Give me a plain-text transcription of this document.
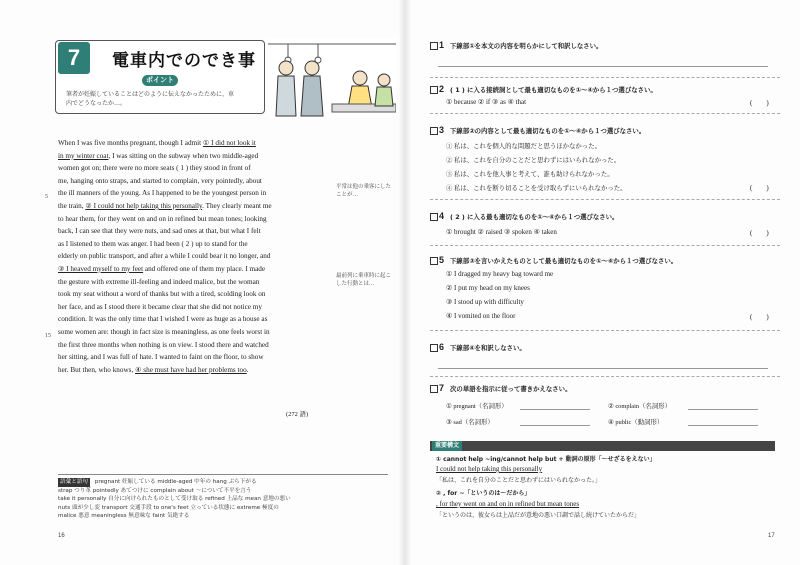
7	電車内でのでき事
ポイント
筆者が妊娠していることはどのように伝えなかったために、車内でどうなったか…。
When I was five months pregnant, though I admit ① I did not look it
in my winter coat, I was sitting on the subway when two middle-aged
women got on; there were no more seats ( 1 ) they stood in front of
me, hanging onto straps, and started to complain, very pointedly, about
the ill manners of the young. As I happened to be the youngest person in
the train, ② I could not help taking this personally. They clearly meant me
to hear them, for they went on and on in refined but mean tones; looking
back, I can see that they were nuts, and sad ones at that, but what I felt
as I listened to them was anger. I had been ( 2 ) up to stand for the
elderly on public transport, and after a while I could bear it no longer, and
③ I heaved myself to my feet and offered one of them my place. I made
the gesture with extreme ill-feeling and indeed malice, but the woman
took my seat without a word of thanks but with a tired, scolding look on
her face, and as I stood there it became clear that she did not notice my
condition. It was the only time that I wished I were as huge as a house as
some women are: though in fact size is meaningless, as one feels worst in
the first three months when nothing is on view. I stood there and watched
her sitting, and I was full of hate. I wanted to faint on the floor, to show
her. But then, who knows, ④ she must have had her problems too.
5
15
平常は他の乗客にしたことが…
最前列に乗車時に起こした行動とは…
(272 語)
語彙と語句 pregnant 妊娠している middle-aged 中年の hang ぶら下がる
strap つり革 pointedly あてつけに complain about ～について不平を言う
take it personally 自分に向けられたものとして受け取る refined 上品な mean 意地の悪い
nuts 頭が少し変 transport 交通手段 to one's feet 立っている状態に extreme 極度の
malice 悪意 meaningless 無意味な faint 気絶する
16
1 下線部①を本文の内容を明らかにして和訳しなさい。
2 ( 1 ) に入る接続詞として最も適切なものを①〜④から１つ選びなさい。
① because ② if ③ as ④ that	(　　)
3 下線部②の内容として最も適切なものを①〜④から１つ選びなさい。
① 私は、これを個人的な問題だと思うほかなかった。
② 私は、これを自分のことだと思わずにはいられなかった。
③ 私は、これを他人事と考えて、誰も助けられなかった。
④ 私は、これを断り切ることを受け取らずにいられなかった。	(　　)
4 ( 2 ) に入る最も適切なものを①〜④から１つ選びなさい。
① brought ② raised ③ spoken ④ taken	(　　)
5 下線部③を言いかえたものとして最も適切なものを①〜④から１つ選びなさい。
① I dragged my heavy bag toward me
② I put my head on my knees
③ I stood up with difficulty
④ I vomited on the floor	(　　)
6 下線部④を和訳しなさい。
7 次の単語を指示に従って書きかえなさい。
① pregnant（名詞形）	② complain（名詞形）
③ sad（名詞形）	④ public（動詞形）
重要構文
① cannot help ~ing/cannot help but + 動詞の原形「～せざるをえない」
I could not help taking this personally
「私は、これを自分のことだと思わずにはいられなかった。」
② , for ~「というのは～だから」
, for they went on and on in refined but mean tones
「というのは、彼女らは上品だが意地の悪い口調で話し続けていたからだ」
17
